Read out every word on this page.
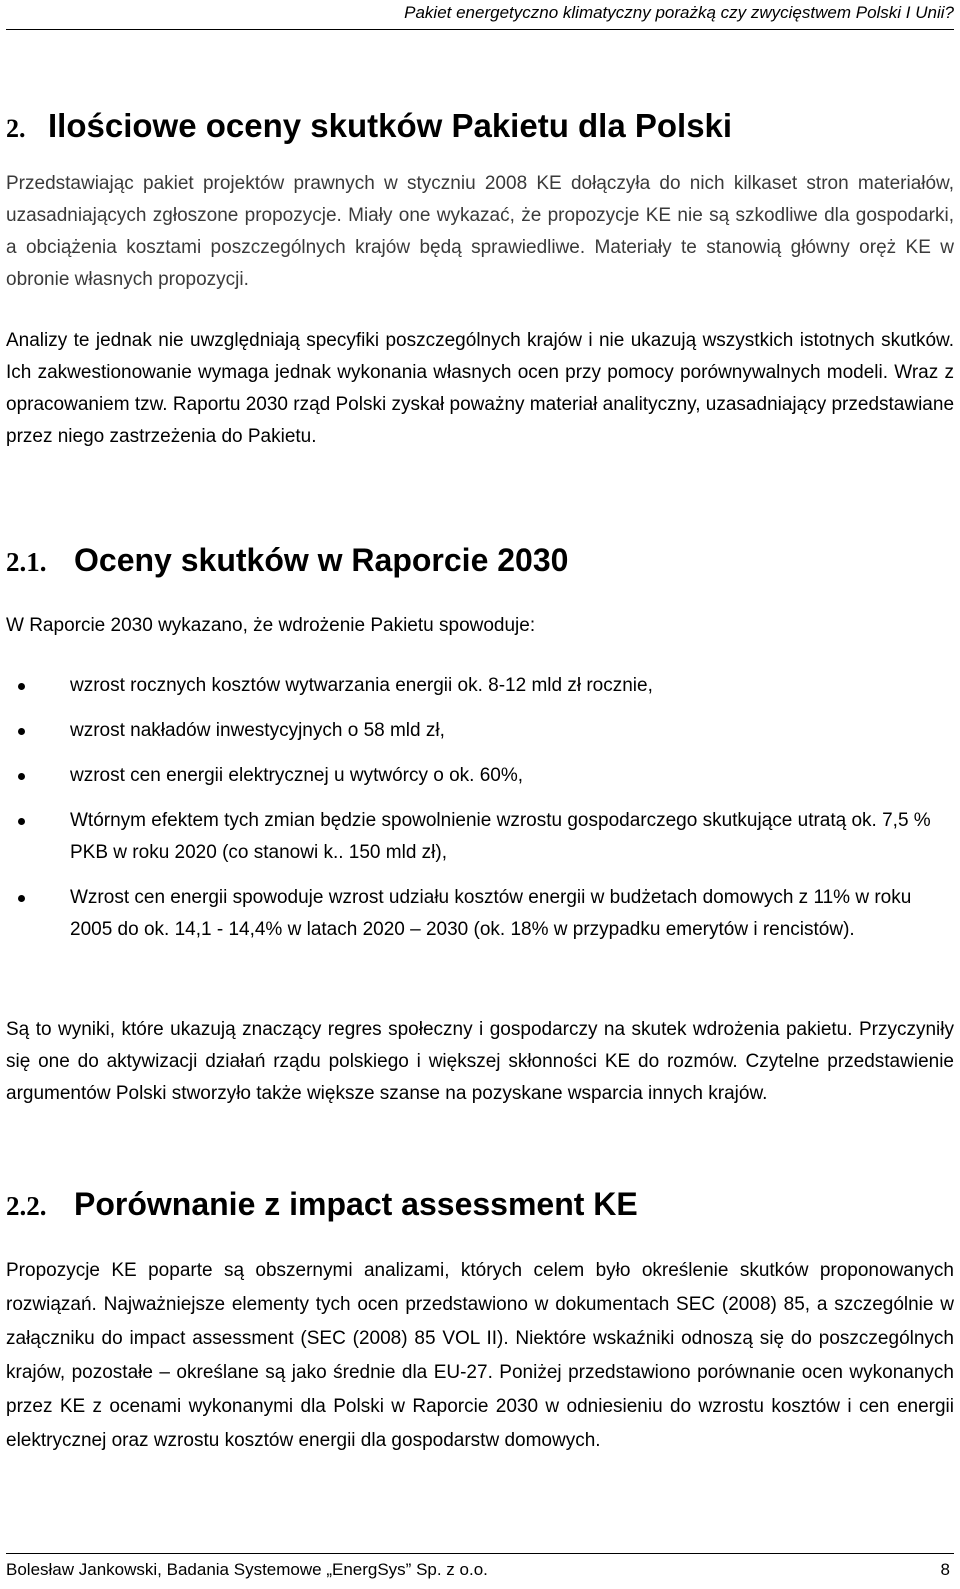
Pakiet energetyczno klimatyczny porażką czy zwycięstwem Polski I Unii?
2. Ilościowe oceny skutków Pakietu dla Polski

Przedstawiając pakiet projektów prawnych w styczniu 2008 KE dołączyła do nich kilkaset stron materiałów, uzasadniających zgłoszone propozycje. Miały one wykazać, że propozycje KE nie są szkodliwe dla gospodarki, a obciążenia kosztami poszczególnych krajów będą sprawiedliwe. Materiały te stanowią główny oręż KE w obronie własnych propozycji.

Analizy te jednak nie uwzględniają specyfiki poszczególnych krajów i nie ukazują wszystkich istotnych skutków. Ich zakwestionowanie wymaga jednak wykonania własnych ocen przy pomocy porównywalnych modeli. Wraz z opracowaniem tzw. Raportu 2030 rząd Polski zyskał poważny materiał analityczny, uzasadniający przedstawiane przez niego zastrzeżenia do Pakietu.

2.1. Oceny skutków w Raporcie 2030

W Raporcie 2030 wykazano, że wdrożenie Pakietu spowoduje:

wzrost rocznych kosztów wytwarzania energii ok. 8-12 mld zł rocznie,
wzrost nakładów inwestycyjnych o 58 mld zł,
wzrost cen energii elektrycznej u wytwórcy o ok. 60%,
Wtórnym efektem tych zmian będzie spowolnienie wzrostu gospodarczego skutkujące utratą ok. 7,5 % PKB w roku 2020 (co stanowi k.. 150 mld zł),
Wzrost cen energii spowoduje wzrost udziału kosztów energii w budżetach domowych z 11% w roku 2005 do ok. 14,1 - 14,4% w latach 2020 – 2030 (ok. 18% w przypadku emerytów i rencistów).

Są to wyniki, które ukazują znaczący regres społeczny i gospodarczy na skutek wdrożenia pakietu. Przyczyniły się one do aktywizacji działań rządu polskiego i większej skłonności KE do rozmów. Czytelne przedstawienie argumentów Polski stworzyło także większe szanse na pozyskane wsparcia innych krajów.

2.2. Porównanie z impact assessment KE

Propozycje KE poparte są obszernymi analizami, których celem było określenie skutków proponowanych rozwiązań. Najważniejsze elementy tych ocen przedstawiono w dokumentach SEC (2008) 85, a szczególnie w załączniku do impact assessment (SEC (2008) 85 VOL II). Niektóre wskaźniki odnoszą się do poszczególnych krajów, pozostałe – określane są jako średnie dla EU-27. Poniżej przedstawiono porównanie ocen wykonanych przez KE z ocenami wykonanymi dla Polski w Raporcie 2030 w odniesieniu do wzrostu kosztów i cen energii elektrycznej oraz wzrostu kosztów energii dla gospodarstw domowych.

Bolesław Jankowski, Badania Systemowe „EnergSys” Sp. z o.o.	8
